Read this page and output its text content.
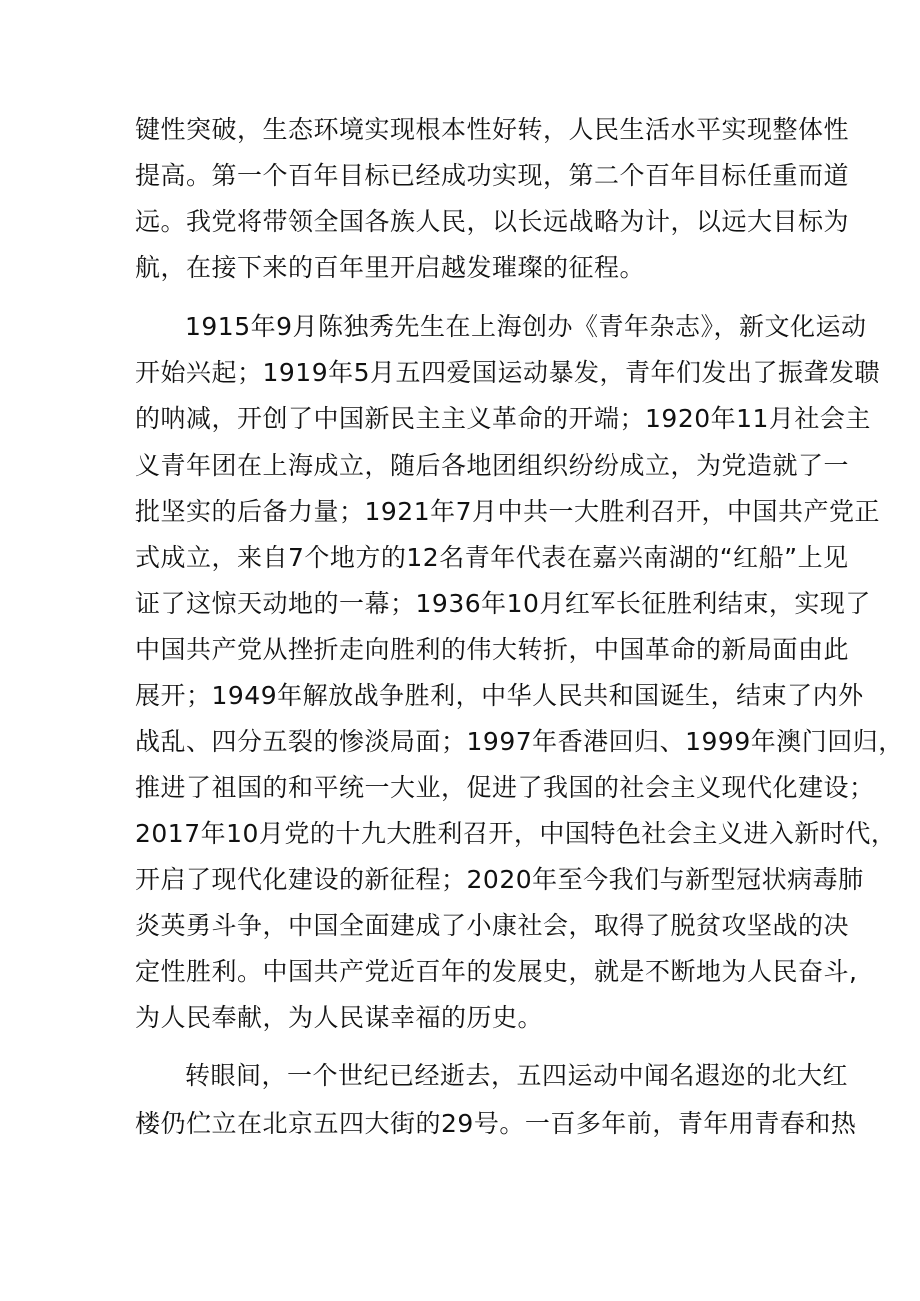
键性突破，生态环境实现根本性好转，人民生活水平实现整体性
提高。第一个百年目标已经成功实现，第二个百年目标任重而道
远。我党将带领全国各族人民，以长远战略为计，以远大目标为
航，在接下来的百年里开启越发璀璨的征程。
1915年9月陈独秀先生在上海创办《青年杂志》，新文化运动
开始兴起；1919年5月五四爱国运动暴发，青年们发出了振聋发聩
的呐减，开创了中国新民主主义革命的开端；1920年11月社会主
义青年团在上海成立，随后各地团组织纷纷成立，为党造就了一
批坚实的后备力量；1921年7月中共一大胜利召开，中国共产党正
式成立，来自7个地方的12名青年代表在嘉兴南湖的“红船”上见
证了这惊天动地的一幕；1936年10月红军长征胜利结束，实现了
中国共产党从挫折走向胜利的伟大转折，中国革命的新局面由此
展开；1949年解放战争胜利，中华人民共和国诞生，结束了内外
战乱、四分五裂的惨淡局面；1997年香港回归、1999年澳门回归，
推进了祖国的和平统一大业，促进了我国的社会主义现代化建设；
2017年10月党的十九大胜利召开，中国特色社会主义进入新时代，
开启了现代化建设的新征程；2020年至今我们与新型冠状病毒肺
炎英勇斗争，中国全面建成了小康社会，取得了脱贫攻坚战的决
定性胜利。中国共产党近百年的发展史，就是不断地为人民奋斗,
为人民奉献，为人民谋幸福的历史。
转眼间，一个世纪已经逝去，五四运动中闻名遐迩的北大红
楼仍伫立在北京五四大街的29号。一百多年前，青年用青春和热
